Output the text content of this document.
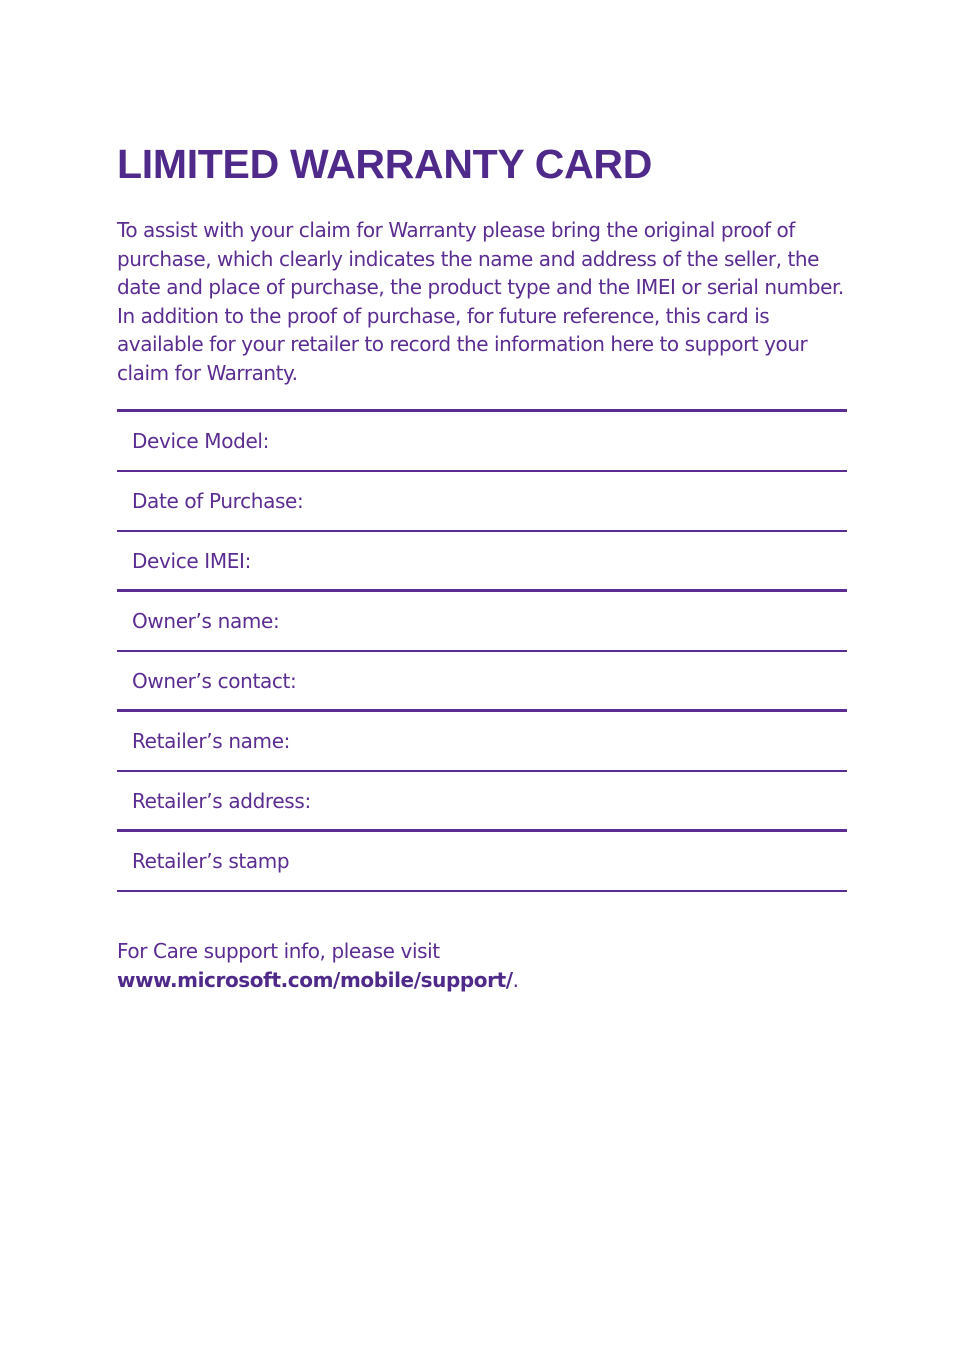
LIMITED WARRANTY CARD

To assist with your claim for Warranty please bring the original proof of purchase, which clearly indicates the name and address of the seller, the date and place of purchase, the product type and the IMEI or serial number. In addition to the proof of purchase, for future reference, this card is available for your retailer to record the information here to support your claim for Warranty.

Device Model:
Date of Purchase:
Device IMEI:
Owner’s name:
Owner’s contact:
Retailer’s name:
Retailer’s address:
Retailer’s stamp

For Care support info, please visit www.microsoft.com/mobile/support/.
